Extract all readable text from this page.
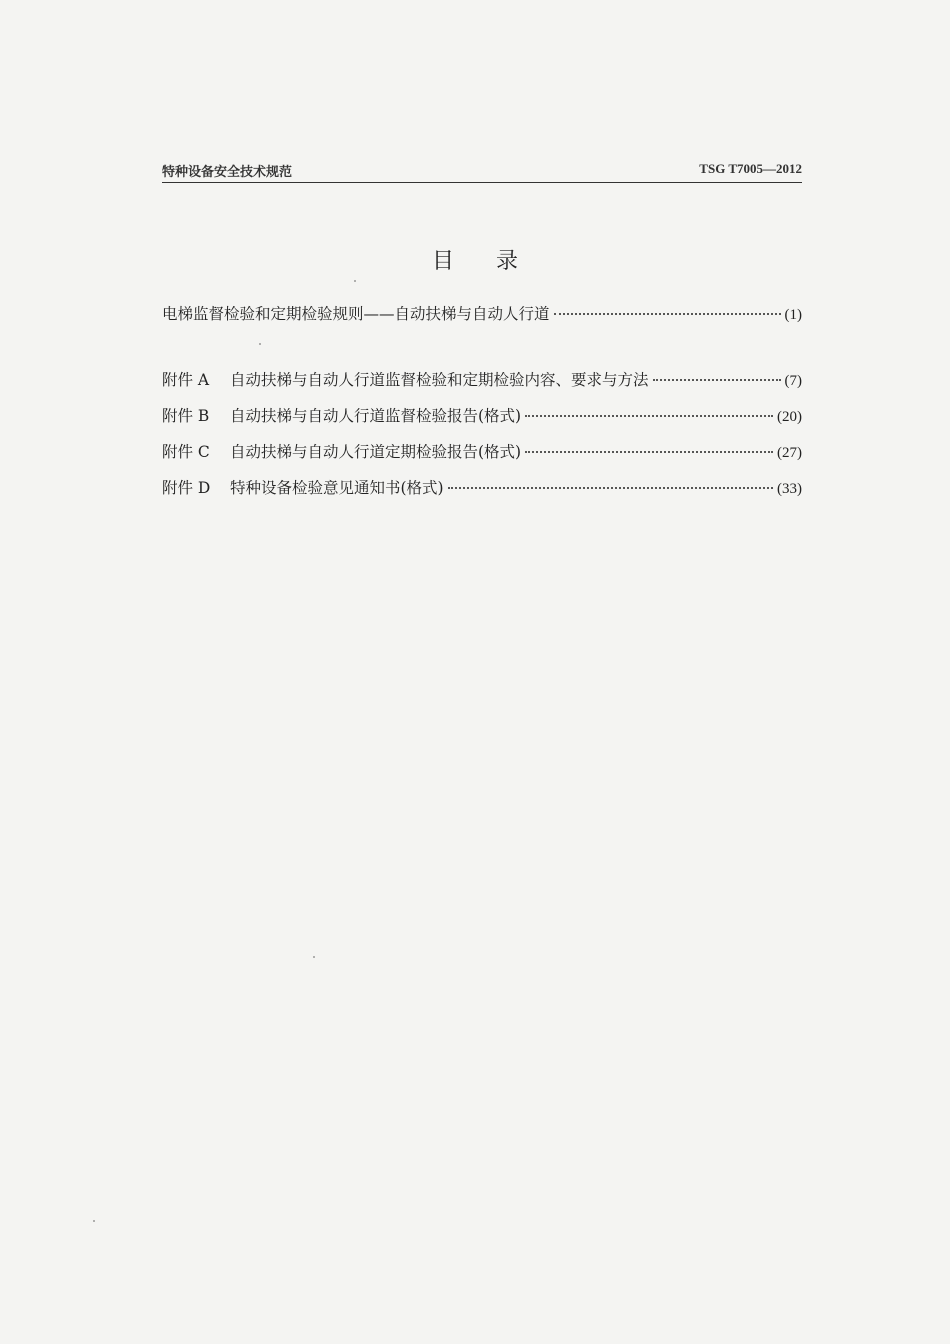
特种设备安全技术规范	TSG T7005—2012
目录
电梯监督检验和定期检验规则——自动扶梯与自动人行道	(1)
附件 A	自动扶梯与自动人行道监督检验和定期检验内容、要求与方法	(7)
附件 B	自动扶梯与自动人行道监督检验报告(格式)	(20)
附件 C	自动扶梯与自动人行道定期检验报告(格式)	(27)
附件 D	特种设备检验意见通知书(格式)	(33)
